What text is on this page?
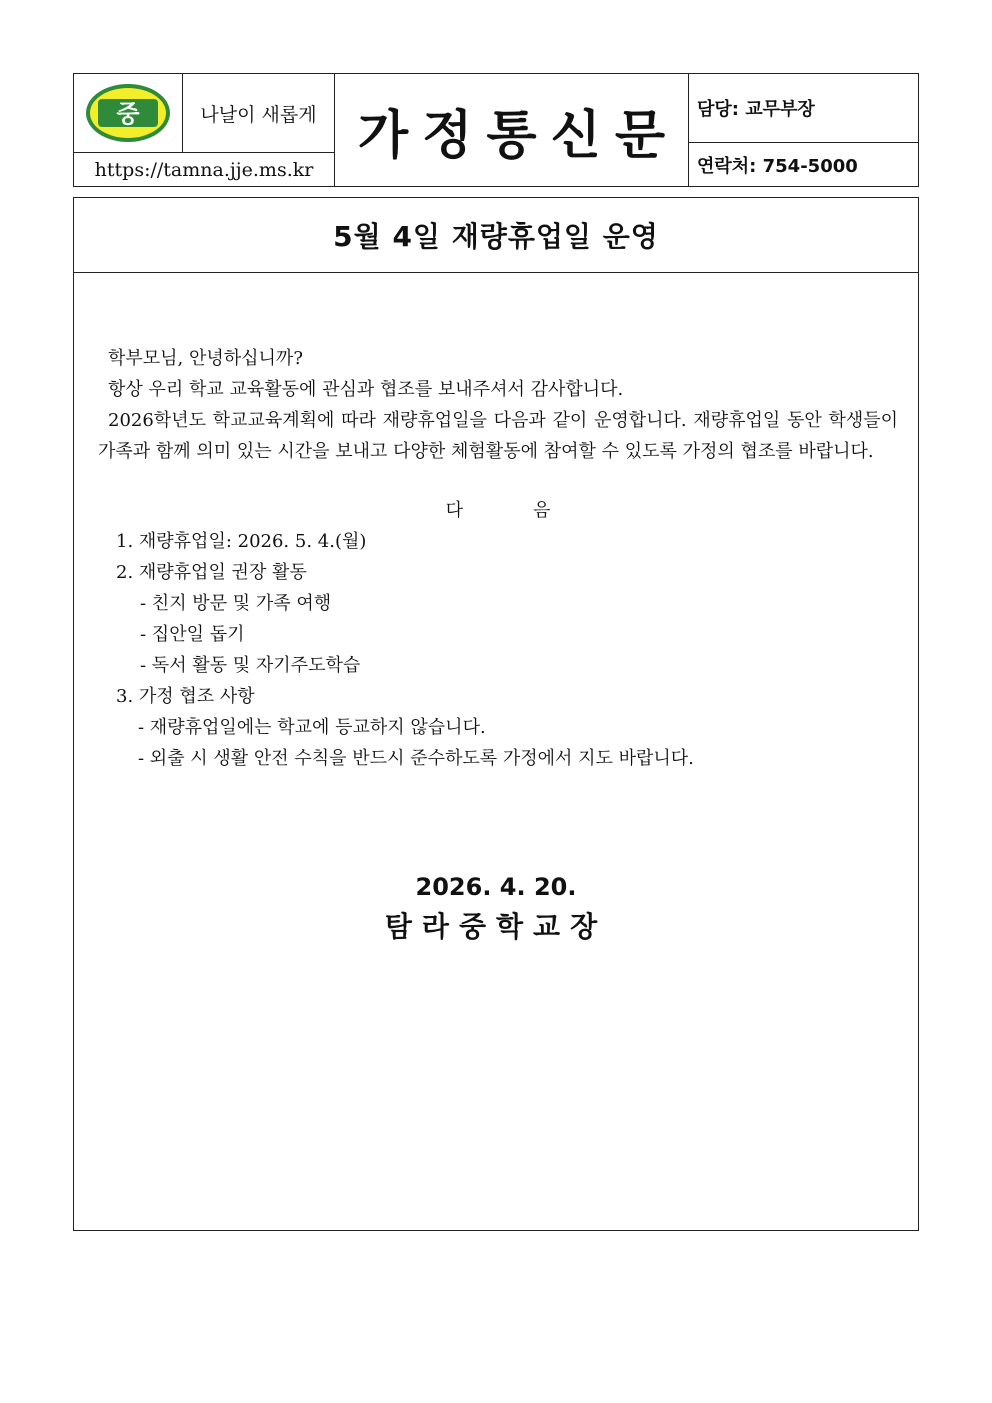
중	나날이 새롭게
https://tamna.jje.ms.kr
가정통신문 담당: 교무부장
연락처: 754-5000
5월 4일 재량휴업일 운영

학부모님, 안녕하십니까?

항상 우리 학교 교육활동에 관심과 협조를 보내주셔서 감사합니다.

2026학년도 학교교육계획에 따라 재량휴업일을 다음과 같이 운영합니다. 재량휴업일 동안 학생들이 가족과 함께 의미 있는 시간을 보내고 다양한 체험활동에 참여할 수 있도록 가정의 협조를 바랍니다.

다	음

1. 재량휴업일: 2026. 5. 4.(월)

2. 재량휴업일 권장 활동

- 친지 방문 및 가족 여행

- 집안일 돕기

- 독서 활동 및 자기주도학습

3. 가정 협조 사항

- 재량휴업일에는 학교에 등교하지 않습니다.

- 외출 시 생활 안전 수칙을 반드시 준수하도록 가정에서 지도 바랍니다.

2026. 4. 20.
탐라중학교장
